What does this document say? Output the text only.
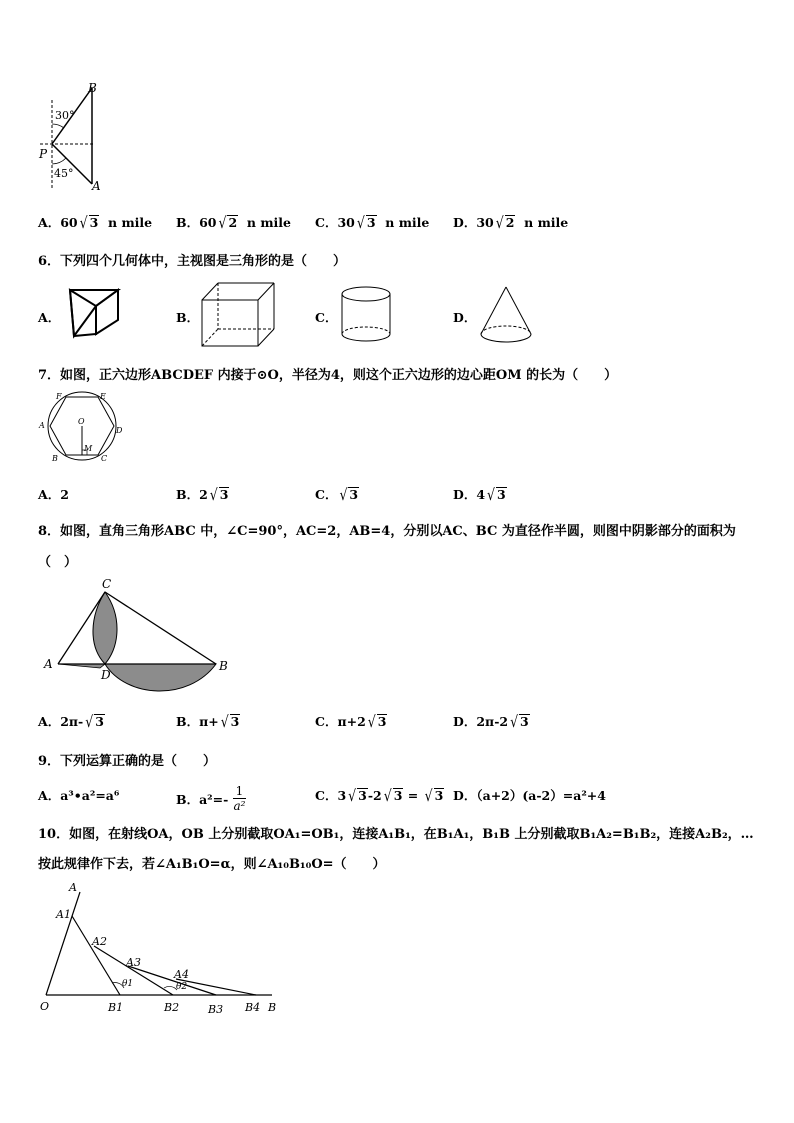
B
P
A
30°
45°
A．60 √ 3 n mile B．60 √ 2 n mile C．30 √ 3 n mile D．30 √ 2 n mile
6．下列四个几何体中，主视图是三角形的是（　　）
A．	B．	C．	D．
7．如图，正六边形ABCDEF 内接于⊙O，半径为4，则这个正六边形的边心距OM 的长为（　　）
F	E
A
D
B	C
O
M
A．2	B．2 √ 3	C． √ 3	D．4 √ 3
8．如图，直角三角形ABC 中，∠C=90°，AC=2，AB=4，分别以AC、BC 为直径作半圆，则图中阴影部分的面积为
（　）
C
A	B
D
A．2π- √ 3	B．π+ √ 3	C．π+2 √ 3	D．2π-2 √ 3
9．下列运算正确的是（　　）
A．a³•a²=a⁶	B．$a^2=- \frac{1}{\text{a²}}$	C．3 √ 3-2 √ 3 = √ 3 D．（a+2）(a-2）=a²+4
10．如图，在射线OA，OB 上分别截取OA₁=OB₁，连接A₁B₁，在B₁A₁，B₁B 上分别截取B₁A₂=B₁B₂，连接A₂B₂，…
按此规律作下去，若∠A₁B₁O=α，则∠A₁₀B₁₀O=（　　）
A
A1
A2
A3
A4
O	B1	B2	B3 B4 B
θ1	θ2
